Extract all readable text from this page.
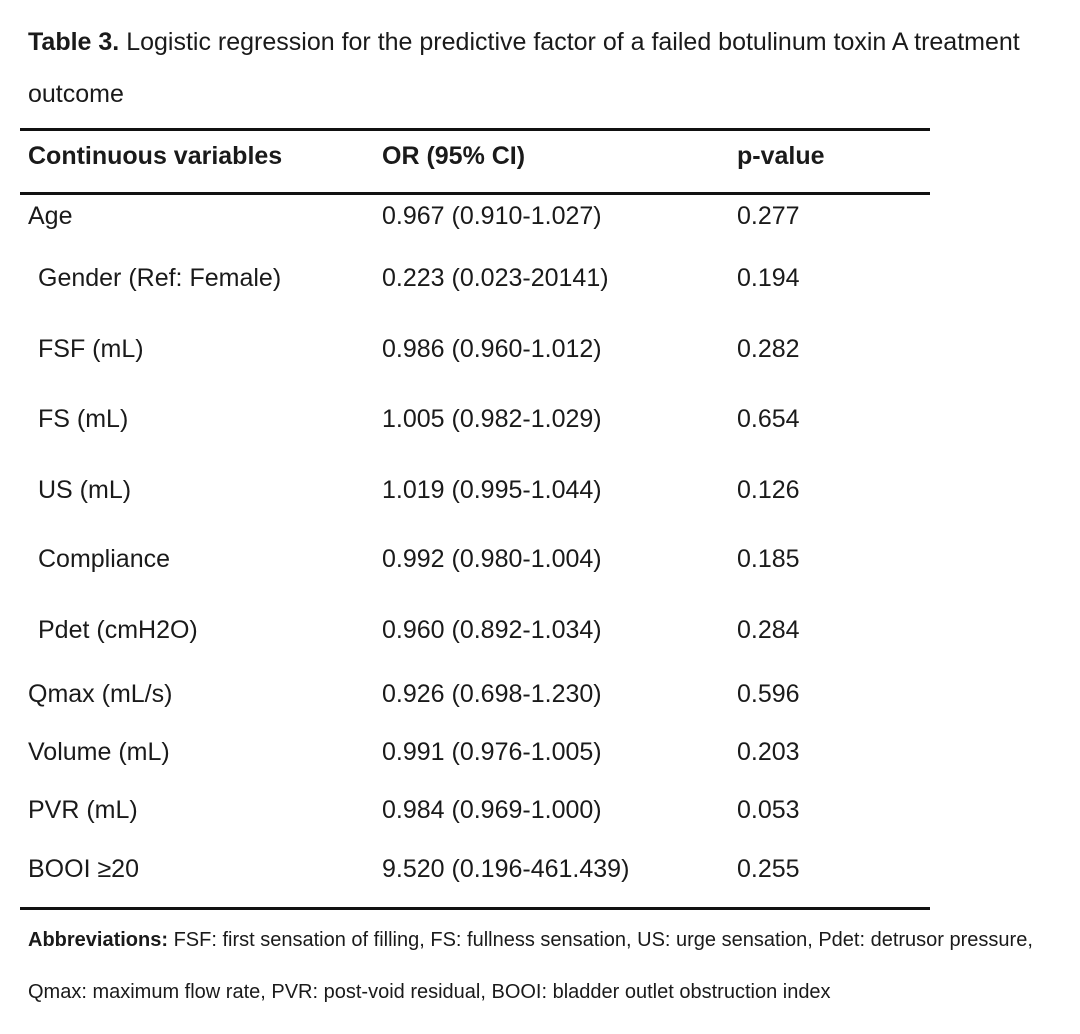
Table 3. Logistic regression for the predictive factor of a failed botulinum toxin A treatment outcome
Continuous variables	OR (95% CI)	p-value
Age	0.967 (0.910-1.027)	0.277
Gender (Ref: Female)	0.223 (0.023-20141)	0.194
FSF (mL)	0.986 (0.960-1.012)	0.282
FS (mL)	1.005 (0.982-1.029)	0.654
US (mL)	1.019 (0.995-1.044)	0.126
Compliance	0.992 (0.980-1.004)	0.185
Pdet (cmH2O)	0.960 (0.892-1.034)	0.284
Qmax (mL/s)	0.926 (0.698-1.230)	0.596
Volume (mL)	0.991 (0.976-1.005)	0.203
PVR (mL)	0.984 (0.969-1.000)	0.053
BOOI ≥20	9.520 (0.196-461.439)	0.255
Abbreviations: FSF: first sensation of filling, FS: fullness sensation, US: urge sensation, Pdet: detrusor pressure, Qmax: maximum flow rate, PVR: post-void residual, BOOI: bladder outlet obstruction index
